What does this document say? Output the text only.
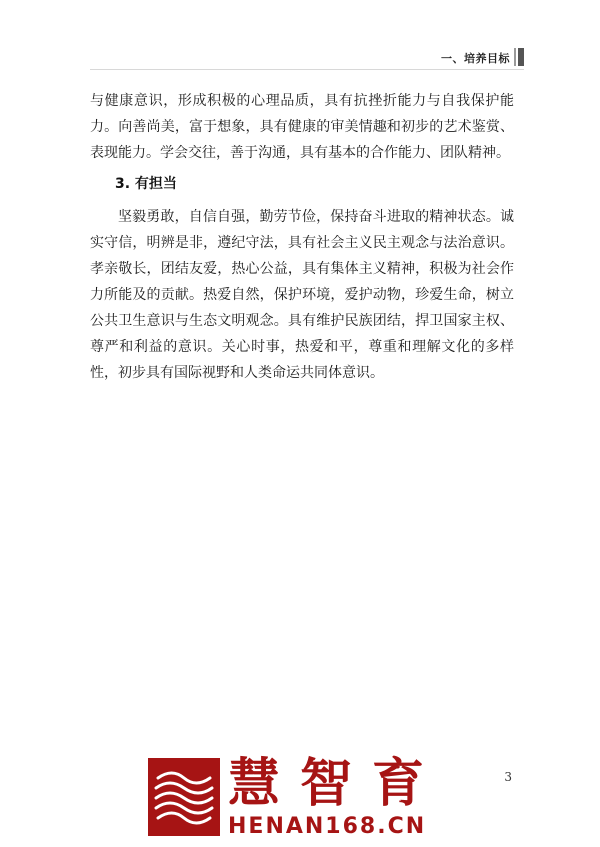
一、培养目标
与健康意识，形成积极的心理品质，具有抗挫折能力与自我保护能力。向善尚美，富于想象，具有健康的审美情趣和初步的艺术鉴赏、表现能力。学会交往，善于沟通，具有基本的合作能力、团队精神。
3. 有担当
坚毅勇敢，自信自强，勤劳节俭，保持奋斗进取的精神状态。诚实守信，明辨是非，遵纪守法，具有社会主义民主观念与法治意识。孝亲敬长，团结友爱，热心公益，具有集体主义精神，积极为社会作力所能及的贡献。热爱自然，保护环境，爱护动物，珍爱生命，树立公共卫生意识与生态文明观念。具有维护民族团结，捍卫国家主权、尊严和利益的意识。关心时事，热爱和平，尊重和理解文化的多样性，初步具有国际视野和人类命运共同体意识。
3
慧智育
HENAN168.CN
